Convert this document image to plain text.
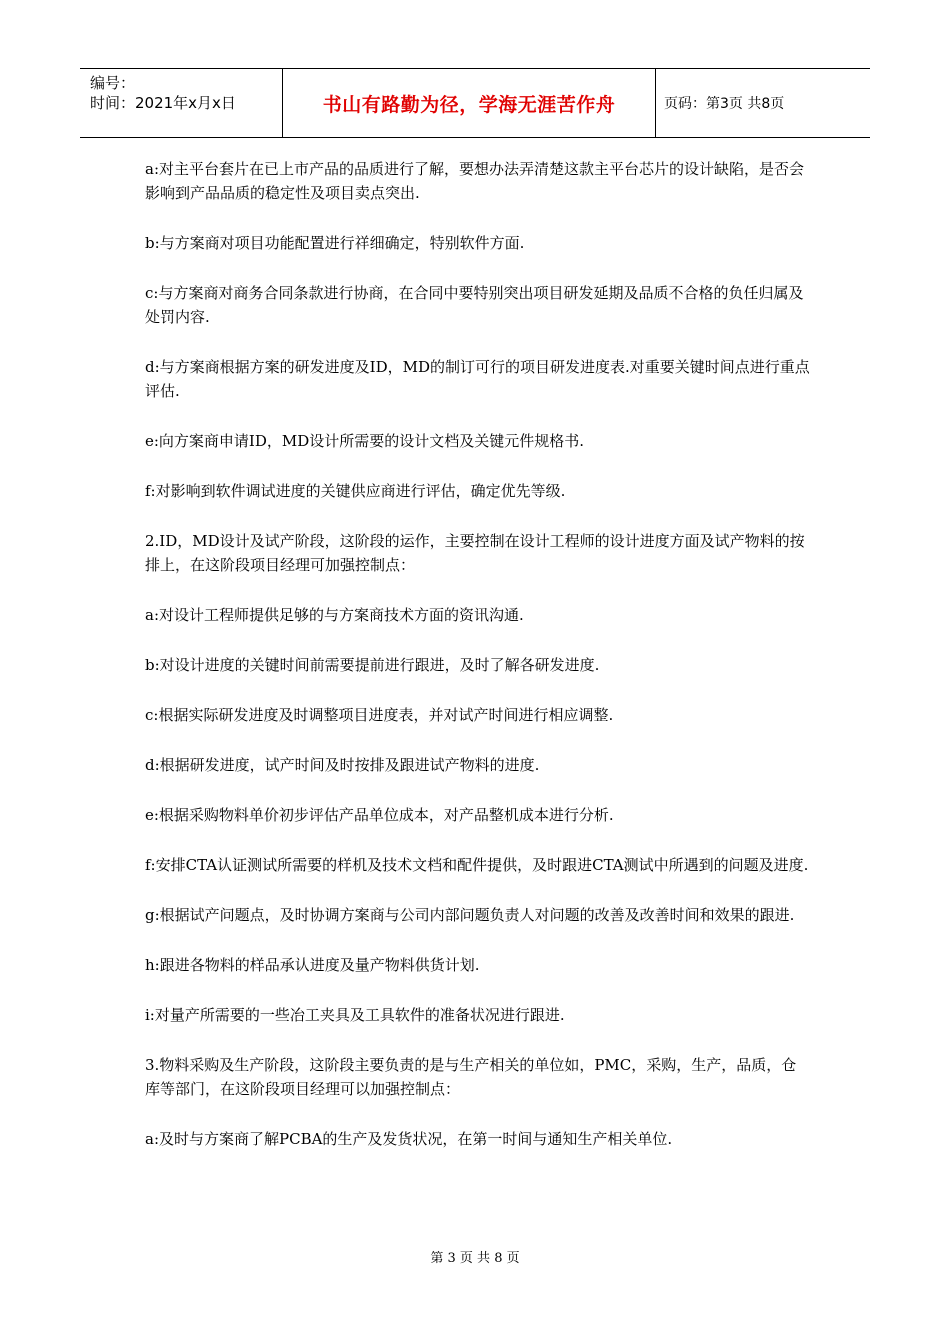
编号：
时间：2021年x月x日	书山有路勤为径，学海无涯苦作舟	页码：第3页 共8页

a:对主平台套片在已上市产品的品质进行了解，要想办法弄清楚这款主平台芯片的设计缺陷，是否会影响到产品品质的稳定性及项目卖点突出.

b:与方案商对项目功能配置进行祥细确定，特别软件方面.

c:与方案商对商务合同条款进行协商，在合同中要特别突出项目研发延期及品质不合格的负任归属及处罚内容.

d:与方案商根据方案的研发进度及ID，MD的制订可行的项目研发进度表.对重要关键时间点进行重点评估.

e:向方案商申请ID，MD设计所需要的设计文档及关键元件规格书.

f:对影响到软件调试进度的关键供应商进行评估，确定优先等级.

2.ID，MD设计及试产阶段，这阶段的运作，主要控制在设计工程师的设计进度方面及试产物料的按排上，在这阶段项目经理可加强控制点：

a:对设计工程师提供足够的与方案商技术方面的资讯沟通.

b:对设计进度的关键时间前需要提前进行跟进，及时了解各研发进度.

c:根据实际研发进度及时调整项目进度表，并对试产时间进行相应调整.

d:根据研发进度，试产时间及时按排及跟进试产物料的进度.

e:根据采购物料单价初步评估产品单位成本，对产品整机成本进行分析.

f:安排CTA认证测试所需要的样机及技术文档和配件提供，及时跟进CTA测试中所遇到的问题及进度.

g:根据试产问题点，及时协调方案商与公司内部问题负责人对问题的改善及改善时间和效果的跟进.

h:跟进各物料的样品承认进度及量产物料供货计划.

i:对量产所需要的一些冶工夹具及工具软件的准备状况进行跟进.

3.物料采购及生产阶段，这阶段主要负责的是与生产相关的单位如，PMC，采购，生产，品质，仓库等部门，在这阶段项目经理可以加强控制点：

a:及时与方案商了解PCBA的生产及发货状况，在第一时间与通知生产相关单位.

第 3 页 共 8 页
